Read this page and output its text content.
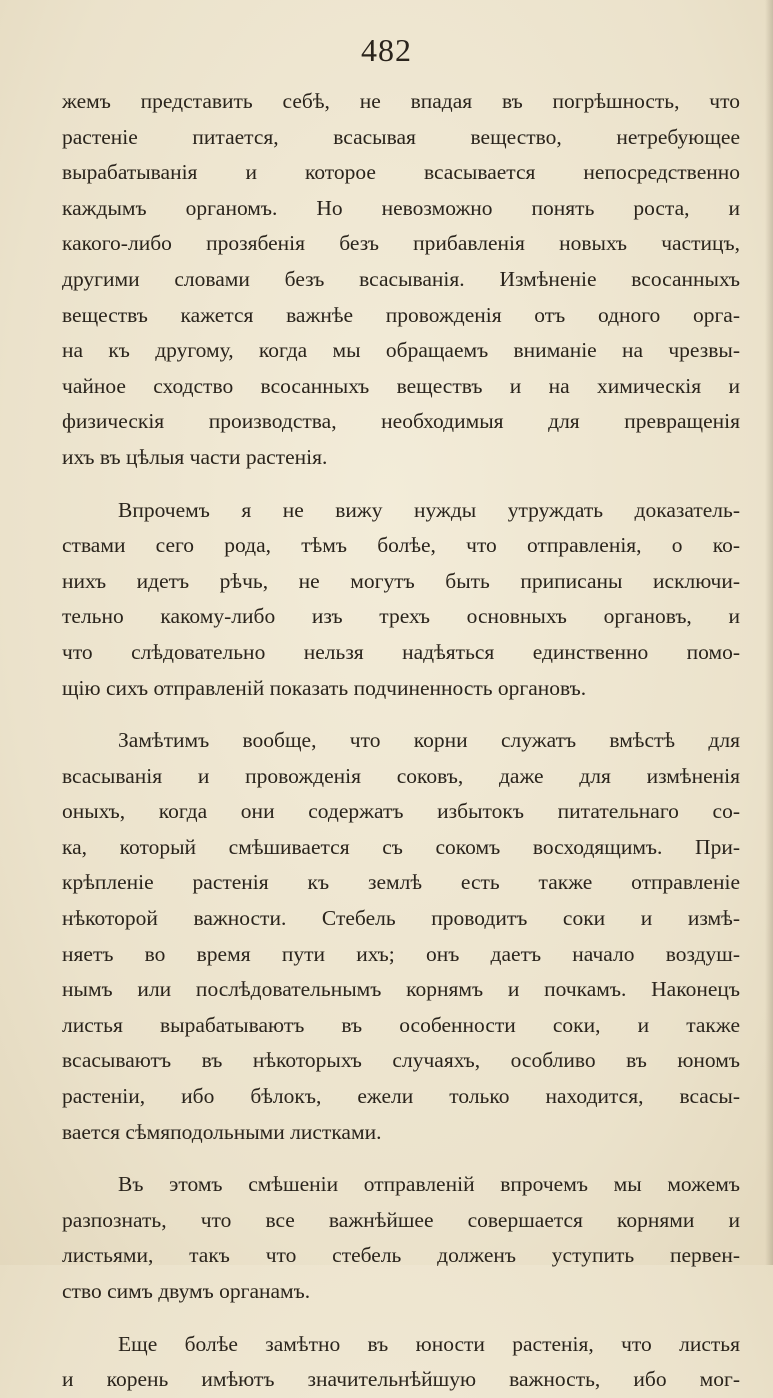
482
жемъ представить себѣ, не впадая въ погрѣшность, что
растеніе питается, всасывая вещество, нетребующее
вырабатыванія и которое всасывается непосредственно
каждымъ органомъ. Но невозможно понять роста, и
какого-либо прозябенія безъ прибавленія новыхъ частицъ,
другими словами безъ всасыванія. Измѣненіе всосанныхъ
веществъ кажется важнѣе провожденія отъ одного орга-
на къ другому, когда мы обращаемъ вниманіе на чрезвы-
чайное сходство всосанныхъ веществъ и на химическія и
физическія производства, необходимыя для превращенія
ихъ въ цѣлыя части растенія.
Впрочемъ я не вижу нужды утруждать доказатель-
ствами сего рода, тѣмъ болѣе, что отправленія, о ко-
нихъ идетъ рѣчь, не могутъ быть приписаны исключи-
тельно какому-либо изъ трехъ основныхъ органовъ, и
что слѣдовательно нельзя надѣяться единственно помо-
щію сихъ отправленій показать подчиненность органовъ.
Замѣтимъ вообще, что корни служатъ вмѣстѣ для
всасыванія и провожденія соковъ, даже для измѣненія
оныхъ, когда они содержатъ избытокъ питательнаго со-
ка, который смѣшивается съ сокомъ восходящимъ. При-
крѣпленіе растенія къ землѣ есть также отправленіе
нѣкоторой важности. Стебель проводитъ соки и измѣ-
няетъ во время пути ихъ; онъ даетъ начало воздуш-
нымъ или послѣдовательнымъ корнямъ и почкамъ. Наконецъ
листья вырабатываютъ въ особенности соки, и также
всасываютъ въ нѣкоторыхъ случаяхъ, особливо въ юномъ
растеніи, ибо бѣлокъ, ежели только находится, всасы-
вается сѣмяподольными листками.
Въ этомъ смѣшеніи отправленій впрочемъ мы можемъ
разпознать, что все важнѣйшее совершается корнями и
листьями, такъ что стебель долженъ уступить первен-
ство симъ двумъ органамъ.
Еще болѣе замѣтно въ юности растенія, что листья
и корень имѣютъ значительнѣйшую важность, ибо мог-
